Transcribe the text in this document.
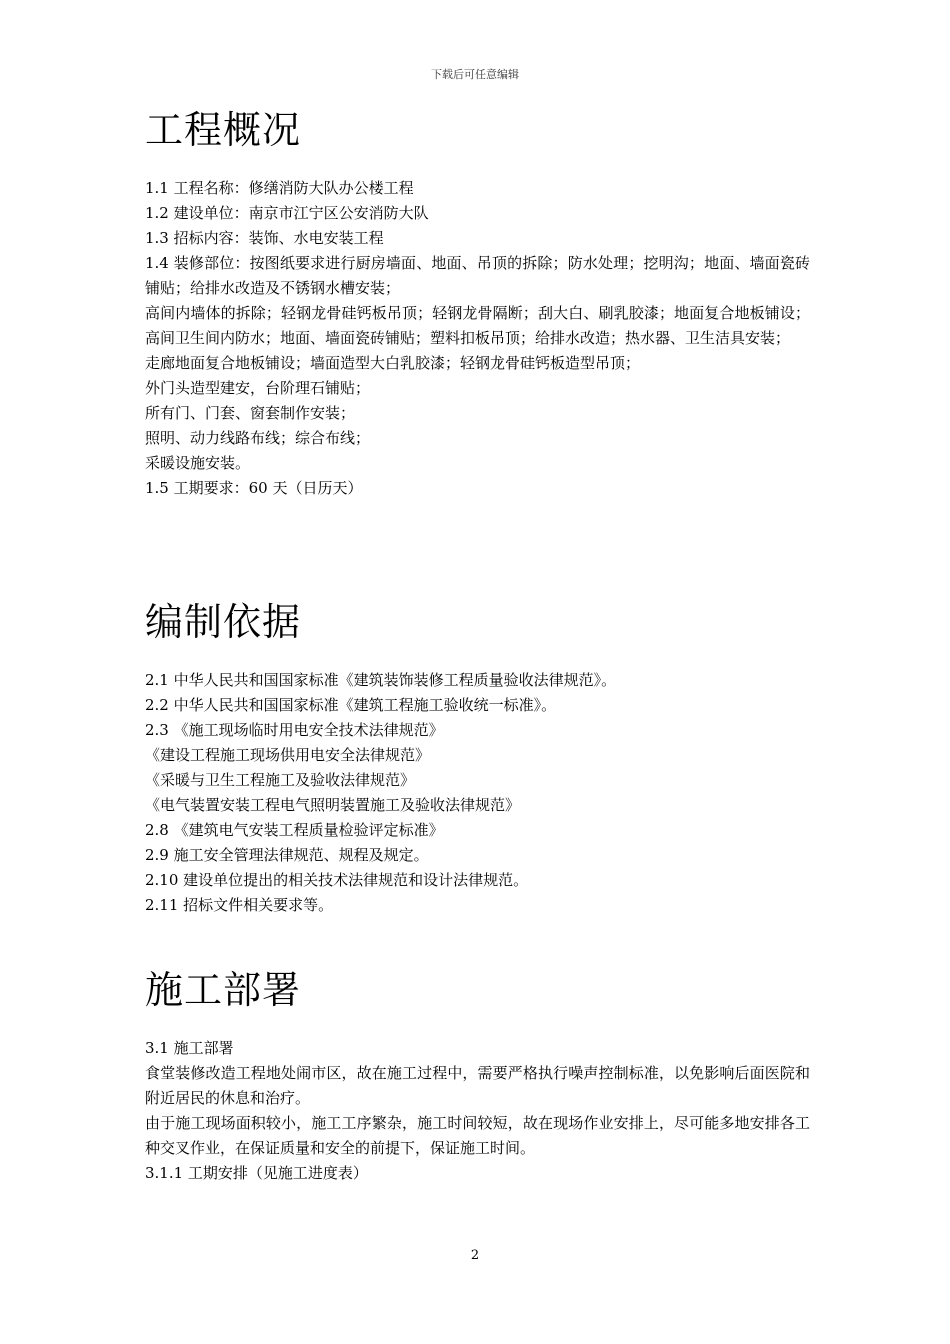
下载后可任意编辑
工程概况

1.1 工程名称：修缮消防大队办公楼工程

1.2 建设单位：南京市江宁区公安消防大队

1.3 招标内容：装饰、水电安装工程

1.4 装修部位：按图纸要求进行厨房墙面、地面、吊顶的拆除；防水处理；挖明沟；地面、墙面瓷砖铺贴；给排水改造及不锈钢水槽安装；

高间内墙体的拆除；轻钢龙骨硅钙板吊顶；轻钢龙骨隔断；刮大白、刷乳胶漆；地面复合地板铺设；高间卫生间内防水；地面、墙面瓷砖铺贴；塑料扣板吊顶；给排水改造；热水器、卫生洁具安装；

走廊地面复合地板铺设；墙面造型大白乳胶漆；轻钢龙骨硅钙板造型吊顶；

外门头造型建安，台阶理石铺贴；

所有门、门套、窗套制作安装；

照明、动力线路布线；综合布线；

采暖设施安装。

1.5 工期要求：60 天（日历天）

编制依据

2.1 中华人民共和国国家标准《建筑装饰装修工程质量验收法律规范》。

2.2 中华人民共和国国家标准《建筑工程施工验收统一标准》。

2.3 《施工现场临时用电安全技术法律规范》

《建设工程施工现场供用电安全法律规范》

《采暖与卫生工程施工及验收法律规范》

《电气装置安装工程电气照明装置施工及验收法律规范》

2.8 《建筑电气安装工程质量检验评定标准》

2.9 施工安全管理法律规范、规程及规定。

2.10 建设单位提出的相关技术法律规范和设计法律规范。

2.11 招标文件相关要求等。

施工部署

3.1 施工部署

食堂装修改造工程地处闹市区，故在施工过程中，需要严格执行噪声控制标准，以免影响后面医院和附近居民的休息和治疗。

由于施工现场面积较小，施工工序繁杂，施工时间较短，故在现场作业安排上，尽可能多地安排各工种交叉作业，在保证质量和安全的前提下，保证施工时间。

3.1.1 工期安排（见施工进度表）

2
